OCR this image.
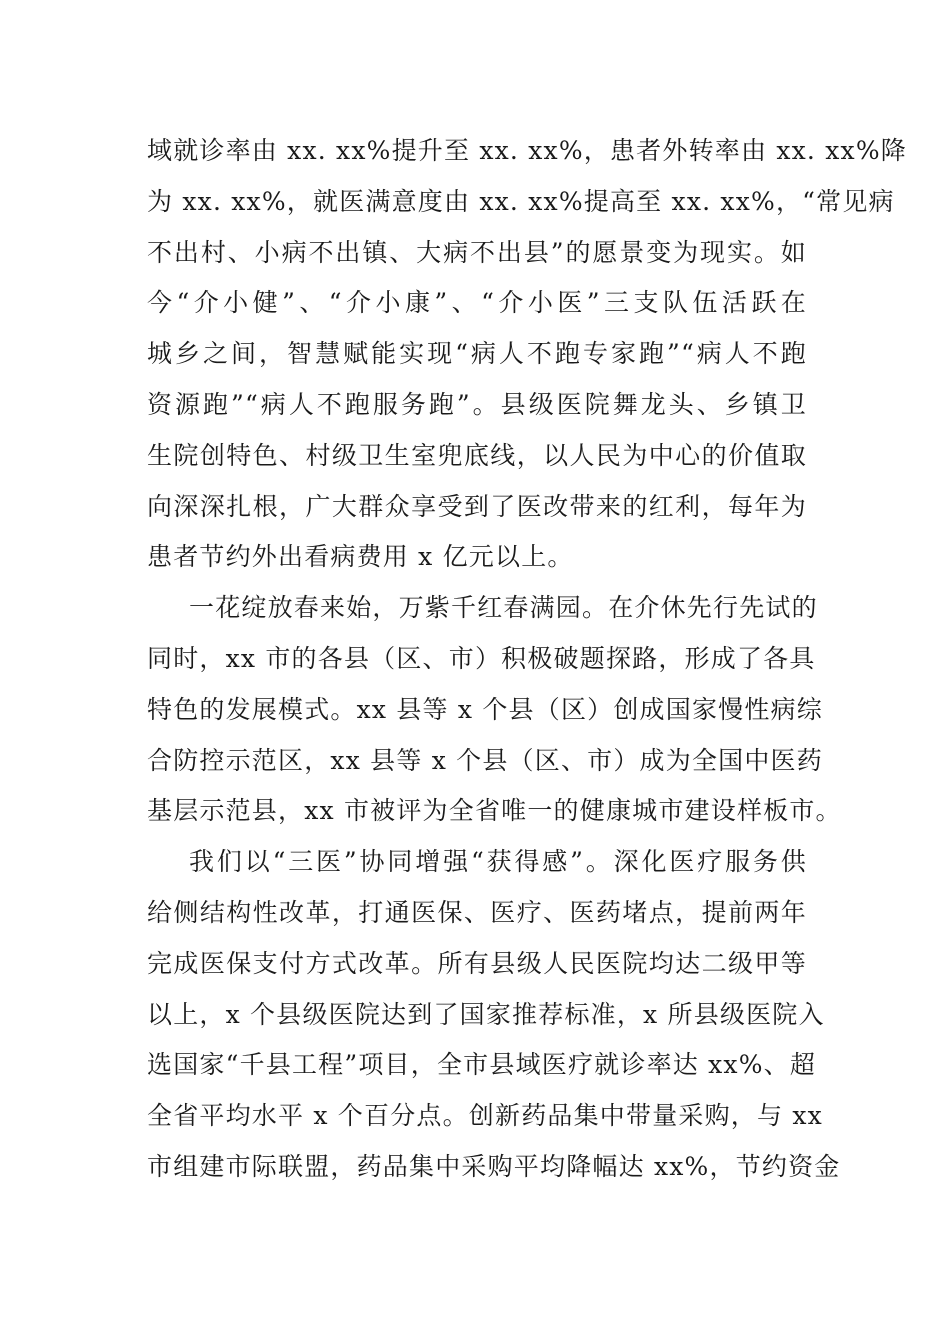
域就诊率由 xx. xx%提升至 xx. xx%，患者外转率由 xx. xx%降
为 xx. xx%，就医满意度由 xx. xx%提高至 xx. xx%，“常见病
不出村、小病不出镇、大病不出县”的愿景变为现实。如
今“介小健”、“介小康”、“介小医”三支队伍活跃在
城乡之间，智慧赋能实现“病人不跑专家跑”“病人不跑
资源跑”“病人不跑服务跑”。县级医院舞龙头、乡镇卫
生院创特色、村级卫生室兜底线，以人民为中心的价值取
向深深扎根，广大群众享受到了医改带来的红利，每年为
患者节约外出看病费用 x 亿元以上。
一花绽放春来始，万紫千红春满园。在介休先行先试的
同时，xx 市的各县（区、市）积极破题探路，形成了各具
特色的发展模式。xx 县等 x 个县（区）创成国家慢性病综
合防控示范区，xx 县等 x 个县（区、市）成为全国中医药
基层示范县，xx 市被评为全省唯一的健康城市建设样板市。
我们以“三医”协同增强“获得感”。深化医疗服务供
给侧结构性改革，打通医保、医疗、医药堵点，提前两年
完成医保支付方式改革。所有县级人民医院均达二级甲等
以上，x 个县级医院达到了国家推荐标准，x 所县级医院入
选国家“千县工程”项目，全市县域医疗就诊率达 xx%、超
全省平均水平 x 个百分点。创新药品集中带量采购，与 xx
市组建市际联盟，药品集中采购平均降幅达 xx%，节约资金
